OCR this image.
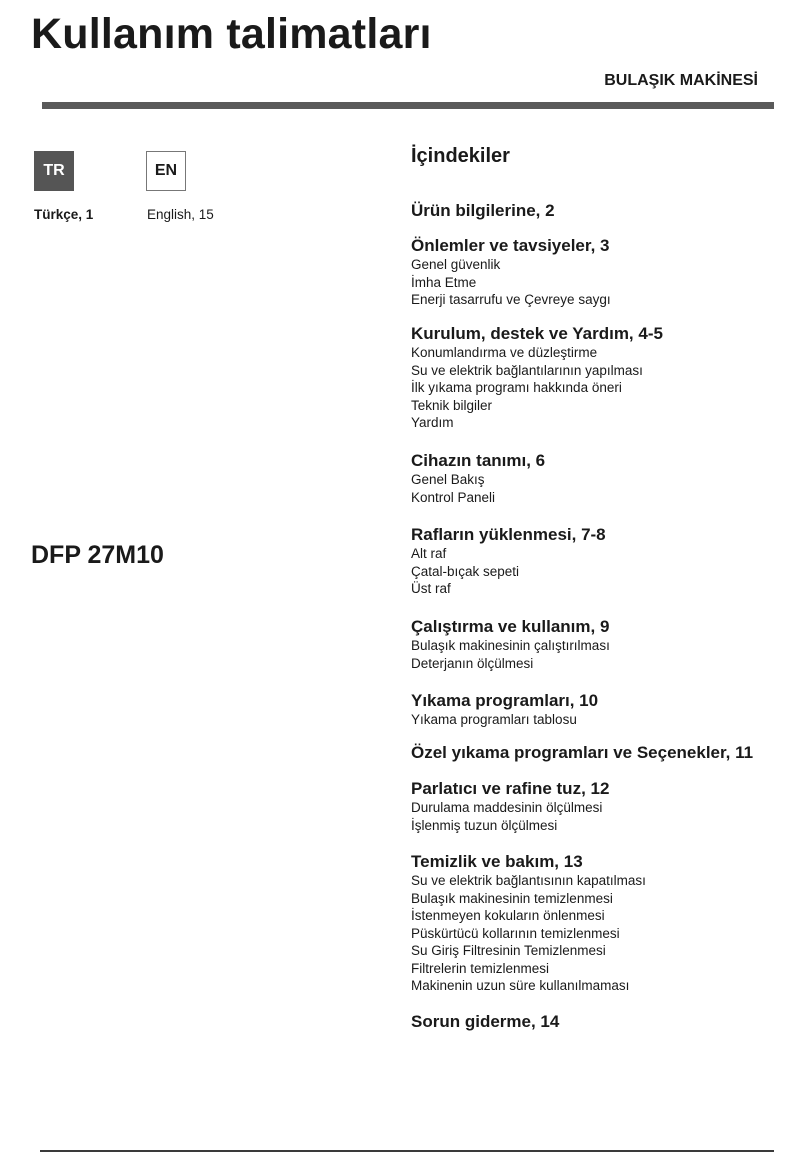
Kullanım talimatları
BULAŞIK MAKİNESİ
TR	EN
Türkçe, 1	English, 15
DFP 27M10
İçindekiler
Ürün bilgilerine, 2
Önlemler ve tavsiyeler, 3
Genel güvenlik
İmha Etme
Enerji tasarrufu ve Çevreye saygı
Kurulum, destek ve Yardım, 4-5
Konumlandırma ve düzleştirme
Su ve elektrik bağlantılarının yapılması
İlk yıkama programı hakkında öneri
Teknik bilgiler
Yardım
Cihazın tanımı, 6
Genel Bakış
Kontrol Paneli
Rafların yüklenmesi, 7-8
Alt raf
Çatal-bıçak sepeti
Üst raf
Çalıştırma ve kullanım, 9
Bulaşık makinesinin çalıştırılması
Deterjanın ölçülmesi
Yıkama programları, 10
Yıkama programları tablosu
Özel yıkama programları ve Seçenekler, 11
Parlatıcı ve rafine tuz, 12
Durulama maddesinin ölçülmesi
İşlenmiş tuzun ölçülmesi
Temizlik ve bakım, 13
Su ve elektrik bağlantısının kapatılması
Bulaşık makinesinin temizlenmesi
İstenmeyen kokuların önlenmesi
Püskürtücü kollarının temizlenmesi
Su Giriş Filtresinin Temizlenmesi
Filtrelerin temizlenmesi
Makinenin uzun süre kullanılmaması
Sorun giderme, 14
